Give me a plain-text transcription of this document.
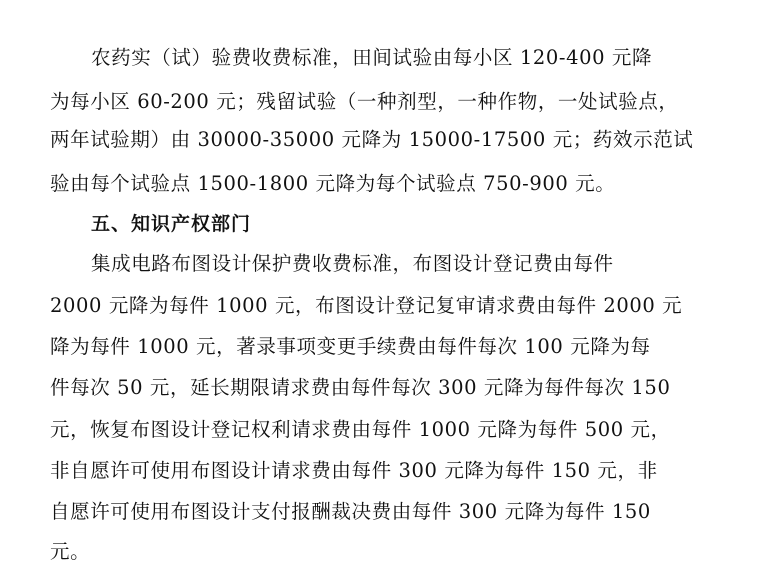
农药实（试）验费收费标准，田间试验由每小区 120-400 元降
为每小区 60-200 元；残留试验（一种剂型，一种作物，一处试验点，
两年试验期）由 30000-35000 元降为 15000-17500 元；药效示范试
验由每个试验点 1500-1800 元降为每个试验点 750-900 元。
五、知识产权部门
集成电路布图设计保护费收费标准，布图设计登记费由每件
2000 元降为每件 1000 元，布图设计登记复审请求费由每件 2000 元
降为每件 1000 元，著录事项变更手续费由每件每次 100 元降为每
件每次 50 元，延长期限请求费由每件每次 300 元降为每件每次 150
元，恢复布图设计登记权利请求费由每件 1000 元降为每件 500 元，
非自愿许可使用布图设计请求费由每件 300 元降为每件 150 元，非
自愿许可使用布图设计支付报酬裁决费由每件 300 元降为每件 150
元。
